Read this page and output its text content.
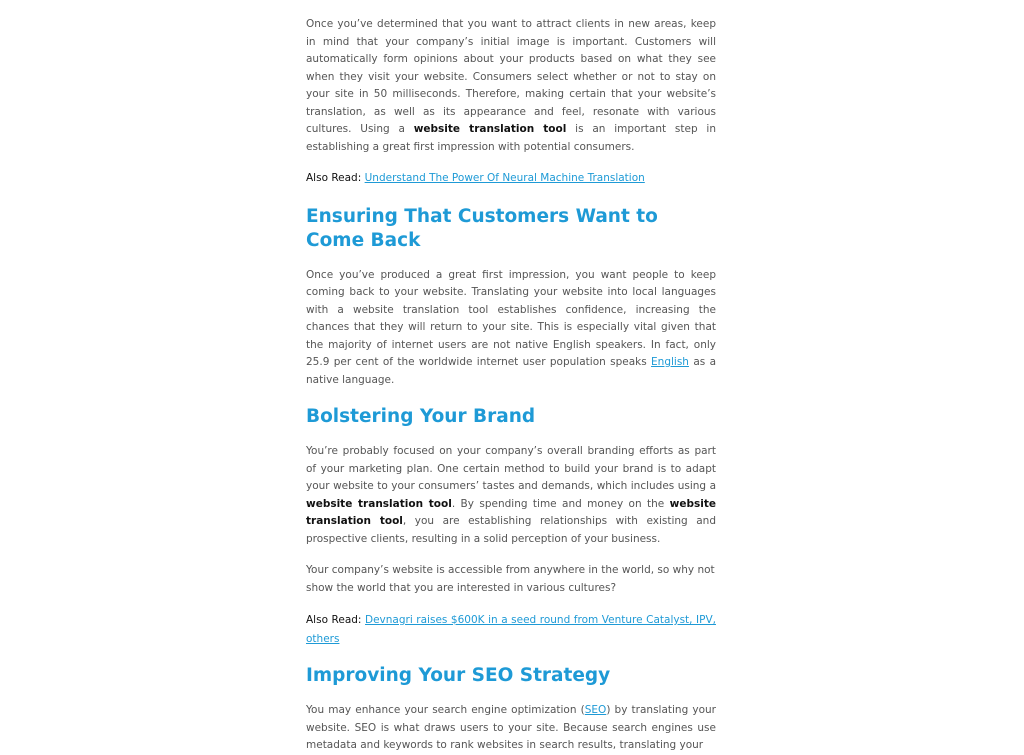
Once you’ve determined that you want to attract clients in new areas, keep in mind that your company’s initial image is important. Customers will automatically form opinions about your products based on what they see when they visit your website. Consumers select whether or not to stay on your site in 50 milliseconds. Therefore, making certain that your website’s translation, as well as its appearance and feel, resonate with various cultures. Using a website translation tool is an important step in establishing a great first impression with potential consumers.

Also Read: Understand The Power Of Neural Machine Translation

Ensuring That Customers Want to Come Back

Once you’ve produced a great first impression, you want people to keep coming back to your website. Translating your website into local languages with a website translation tool establishes confidence, increasing the chances that they will return to your site. This is especially vital given that the majority of internet users are not native English speakers. In fact, only 25.9 per cent of the worldwide internet user population speaks English as a native language.

Bolstering Your Brand

You’re probably focused on your company’s overall branding efforts as part of your marketing plan. One certain method to build your brand is to adapt your website to your consumers’ tastes and demands, which includes using a website translation tool. By spending time and money on the website translation tool, you are establishing relationships with existing and prospective clients, resulting in a solid perception of your business.

Your company’s website is accessible from anywhere in the world, so why not show the world that you are interested in various cultures?

Also Read: Devnagri raises $600K in a seed round from Venture Catalyst, IPV, others

Improving Your SEO Strategy

You may enhance your search engine optimization (SEO) by translating your website. SEO is what draws users to your site. Because search engines use metadata and keywords to rank websites in search results, translating your
